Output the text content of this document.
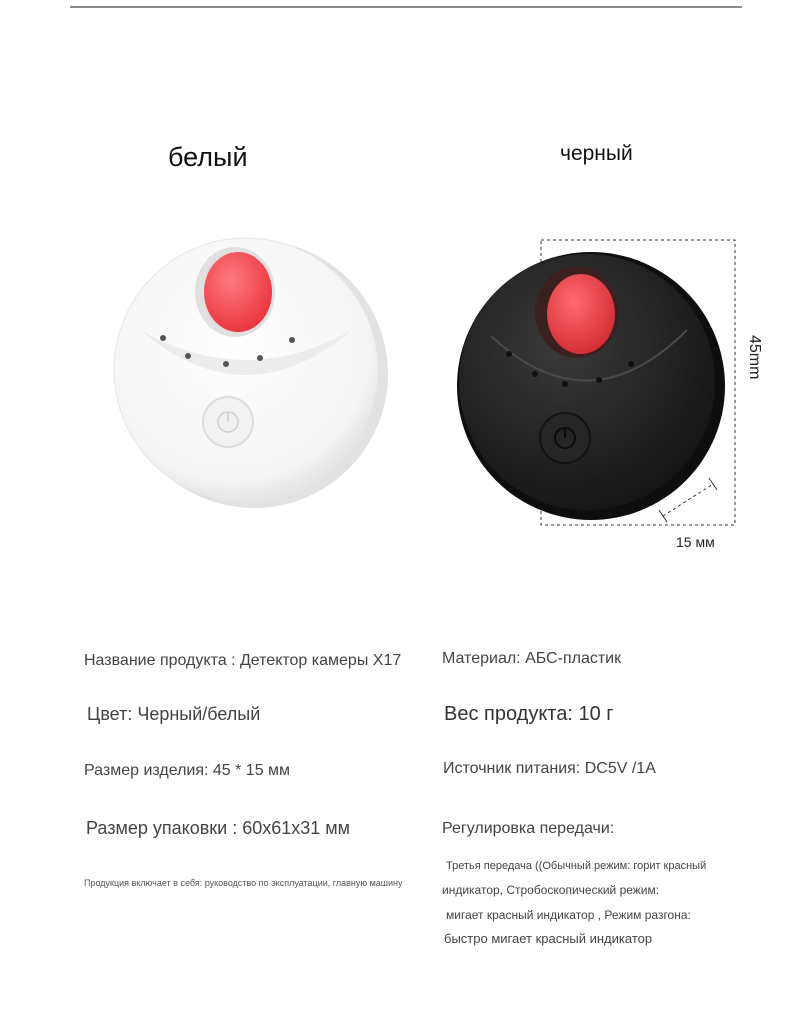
белый	черный
45mm
15 мм
Название продукта : Детектор камеры X17
Цвет: Черный/белый
Размер изделия: 45 * 15 мм
Размер упаковки : 60x61x31 мм
Продукция включает в себя: руководство по эксплуатации, главную машину
Материал: АБС-пластик
Вес продукта: 10 г
Источник питания: DC5V /1A
Регулировка передачи:
Третья передача ((Обычный режим: горит красный
индикатор, Стробоскопический режим:
мигает красный индикатор , Режим разгона:
быстро мигает красный индикатор
